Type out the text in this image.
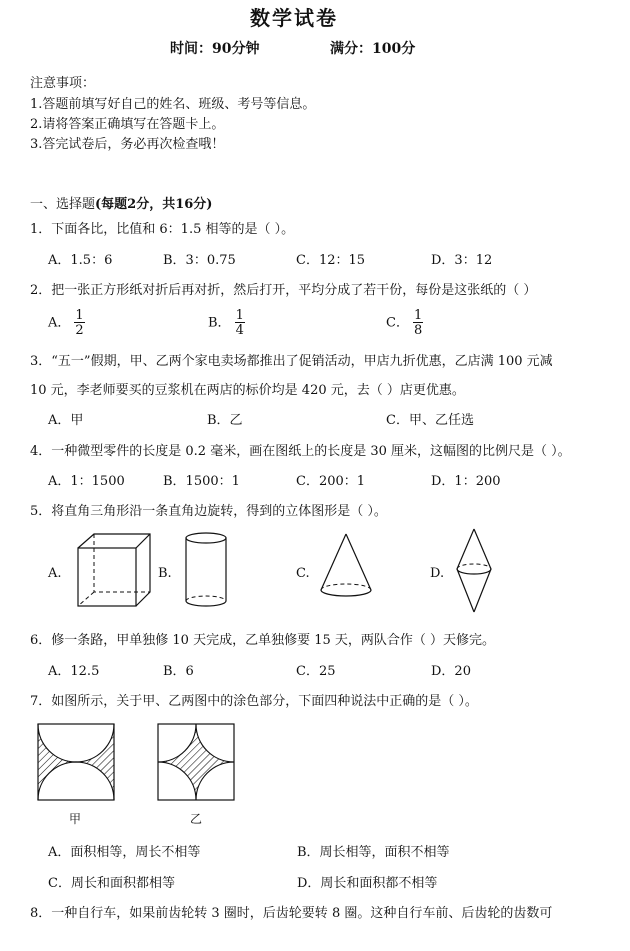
数学试卷
时间：90分钟	满分：100分
注意事项：
1.答题前填写好自己的姓名、班级、考号等信息。
2.请将答案正确填写在答题卡上。
3.答完试卷后，务必再次检查哦！
一、选择题(每题2分，共16分)
1．下面各比，比值和 6：1.5 相等的是（ ）。
A．1.5：6	B．3：0.75	C．12：15	D．3：12
2．把一张正方形纸对折后再对折，然后打开，平均分成了若干份，每份是这张纸的（ ）
A． $\frac{1}{2}$	B． $\frac{1}{4}$	C． $\frac{1}{8}$
3．“五一”假期，甲、乙两个家电卖场都推出了促销活动，甲店九折优惠，乙店满 100 元减
10 元，李老师要买的豆浆机在两店的标价均是 420 元，去（ ）店更优惠。
A．甲	B．乙	C．甲、乙任选
4．一种微型零件的长度是 0.2 毫米，画在图纸上的长度是 30 厘米，这幅图的比例尺是（ ）。
A．1：1500	B．1500：1	C．200：1	D．1：200
5．将直角三角形沿一条直角边旋转，得到的立体图形是（ ）。
A.	B.	C.	D.
6．修一条路，甲单独修 10 天完成，乙单独修要 15 天，两队合作（ ）天修完。
A．12.5	B．6	C．25	D．20
7．如图所示，关于甲、乙两图中的涂色部分，下面四种说法中正确的是（ ）。
甲	乙
A．面积相等，周长不相等	B．周长相等，面积不相等
C．周长和面积都相等	D．周长和面积都不相等
8．一种自行车，如果前齿轮转 3 圈时，后齿轮要转 8 圈。这种自行车前、后齿轮的齿数可
